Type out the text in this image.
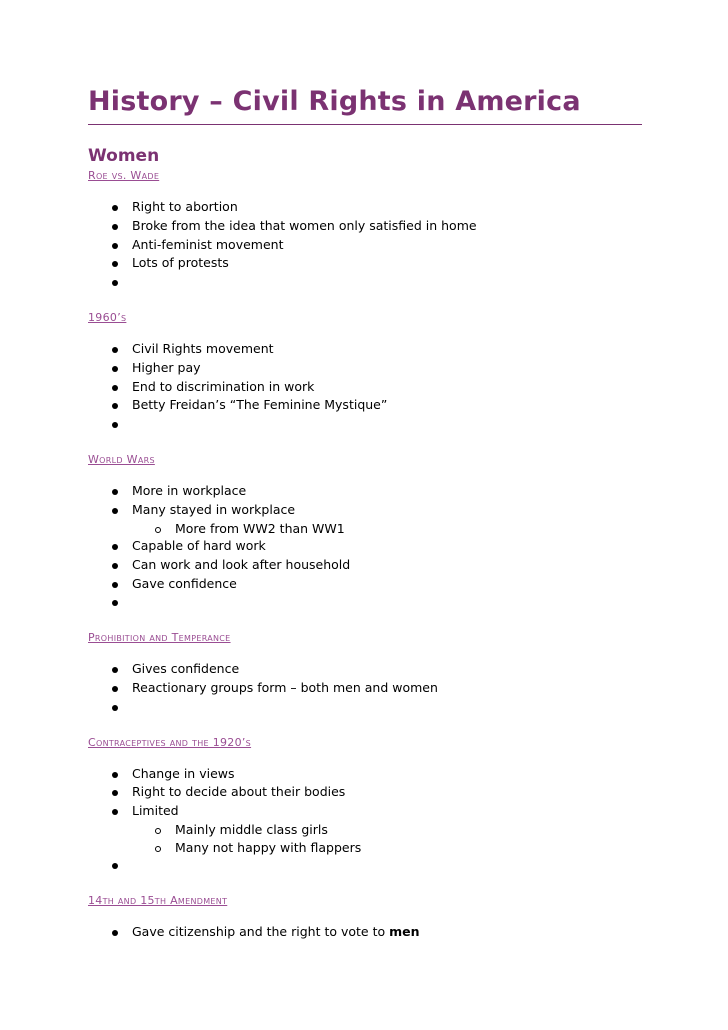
History – Civil Rights in America
Women
Roe vs. Wade
Right to abortion
Broke from the idea that women only satisfied in home
Anti-feminist movement
Lots of protests
1960’s
Civil Rights movement
Higher pay
End to discrimination in work
Betty Freidan’s “The Feminine Mystique”
World Wars
More in workplace
Many stayed in workplace
More from WW2 than WW1
Capable of hard work
Can work and look after household
Gave confidence
Prohibition and Temperance
Gives confidence
Reactionary groups form – both men and women
Contraceptives and the 1920’s
Change in views
Right to decide about their bodies
Limited
Mainly middle class girls
Many not happy with flappers
14th and 15th Amendment
Gave citizenship and the right to vote to men
